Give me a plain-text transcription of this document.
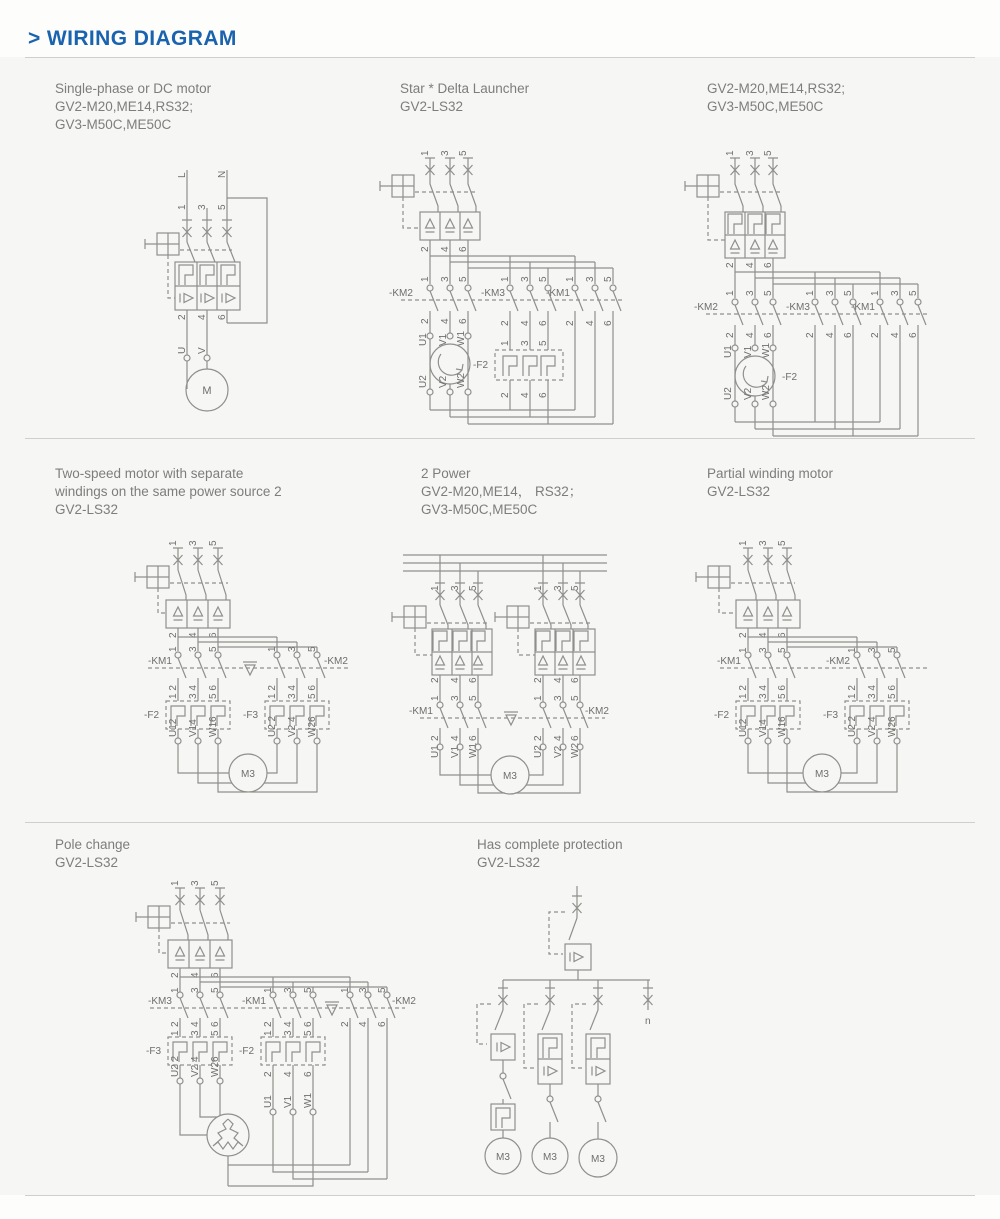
> WIRING DIAGRAM
Single-phase or DC motor
GV2-M20,ME14,RS32;
GV3-M50C,ME50C
Star * Delta Launcher
GV2-LS32
GV2-M20,ME14,RS32;
GV3-M50C,ME50C
Two-speed motor with separate
windings on the same power source 2
GV2-LS32
2 Power
GV2-M20,ME14， RS32；
GV3-M50C,ME50C
Partial winding motor
GV2-LS32
Pole change
GV2-LS32
Has complete protection
GV2-LS32
L	N
1 3 5
2 4 6
U V
M
1 3 5
2 4 6
-KM2	-KM3	-KM1
1 3 5	1 3 5 1 3 5
2 4 6	2 4 6 2 4 6
U1 V1 W1
U2 V2 W2
1 3 5
-F2
2 4 6
1 3 5
2 4 6
-KM2	-KM3	-KM1
1 3 5	1 3 5 1 3 5
2 4 6	2 4 6 2 4 6
U1 V1 W1
-F2
U2 V2 W2
1 3 5
2 4 6
-KM1	-KM2
1 3 5	1 3 5
1 2 3 4 5 6	1 2 3 4 5 6
-F2	-F3
U12 V14 W16	U2 2 V2 4 W26
M3
1 3 5
2 4 6
1 3 5
2 4 6
1 3 5	1 3 5
-KM1	-KM2
2 4 6	2 4 6
U1 V1 W1	U2 V2 W2
M3
1 3 5
2 4 6
-KM1	-KM2
1 3 5	1 3 5
1 2 3 4 5 6	1 2 3 4 5 6
-F2	-F3
U12 V14 W16	U2 2 V2 4 W26
M3
1 3 5
2 4 6
-KM3	-KM1	-KM2
1 3 5	1 3 5	1 3 5
2 4 6	2 4 6	2 4 6
1 3 5
-F3
U2 2 V2 4 W26
1 3 5
-F2
2 4 6
U1 V1 W1
n
M3	M3	M3
